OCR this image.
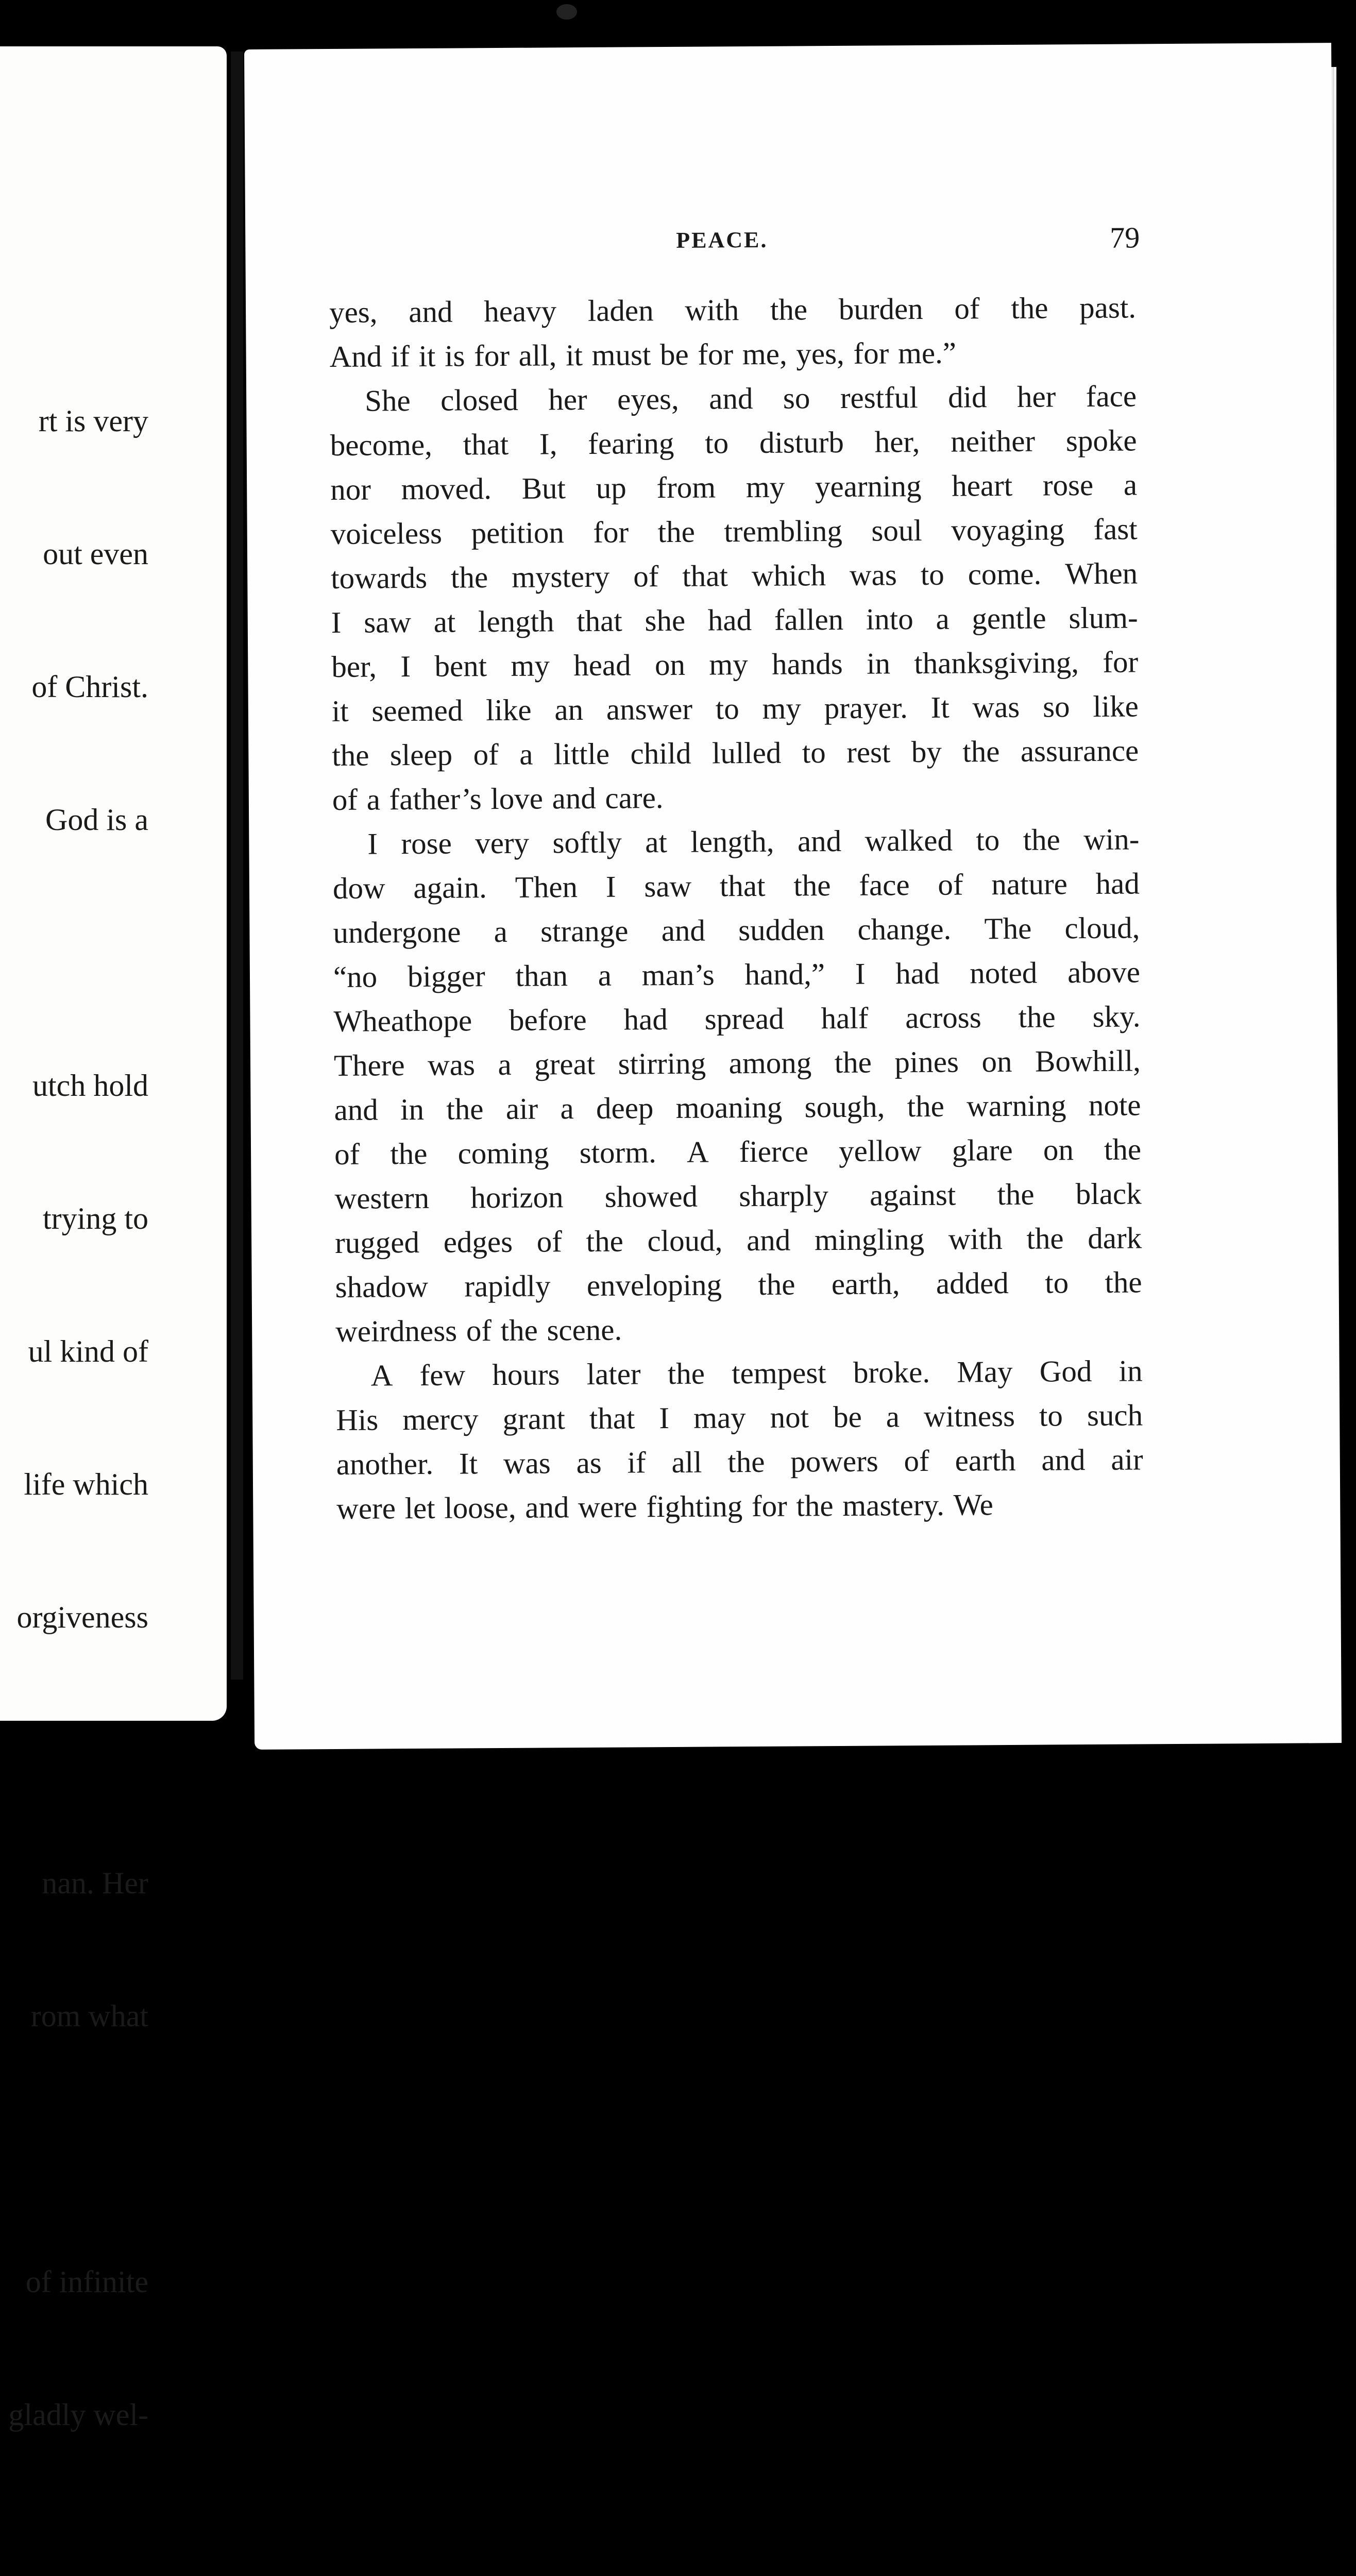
rt is very

out even

of Christ.

God is a

utch hold

trying to

ul kind of

life which

orgiveness

nan. Her

rom what

of infinite

gladly wel-

PEACE.	79
yes, and heavy laden with the burden of the past.
And if it is for all, it must be for me, yes, for me.”
She closed her eyes, and so restful did her face
become, that I, fearing to disturb her, neither spoke
nor moved. But up from my yearning heart rose a
voiceless petition for the trembling soul voyaging fast
towards the mystery of that which was to come. When
I saw at length that she had fallen into a gentle slum-
ber, I bent my head on my hands in thanksgiving, for
it seemed like an answer to my prayer. It was so like
the sleep of a little child lulled to rest by the assurance
of a father’s love and care.
I rose very softly at length, and walked to the win-
dow again. Then I saw that the face of nature had
undergone a strange and sudden change. The cloud,
“no bigger than a man’s hand,” I had noted above
Wheathope before had spread half across the sky.
There was a great stirring among the pines on Bowhill,
and in the air a deep moaning sough, the warning note
of the coming storm. A fierce yellow glare on the
western horizon showed sharply against the black
rugged edges of the cloud, and mingling with the dark
shadow rapidly enveloping the earth, added to the
weirdness of the scene.
A few hours later the tempest broke. May God in
His mercy grant that I may not be a witness to such
another. It was as if all the powers of earth and air
were let loose, and were fighting for the mastery. We
